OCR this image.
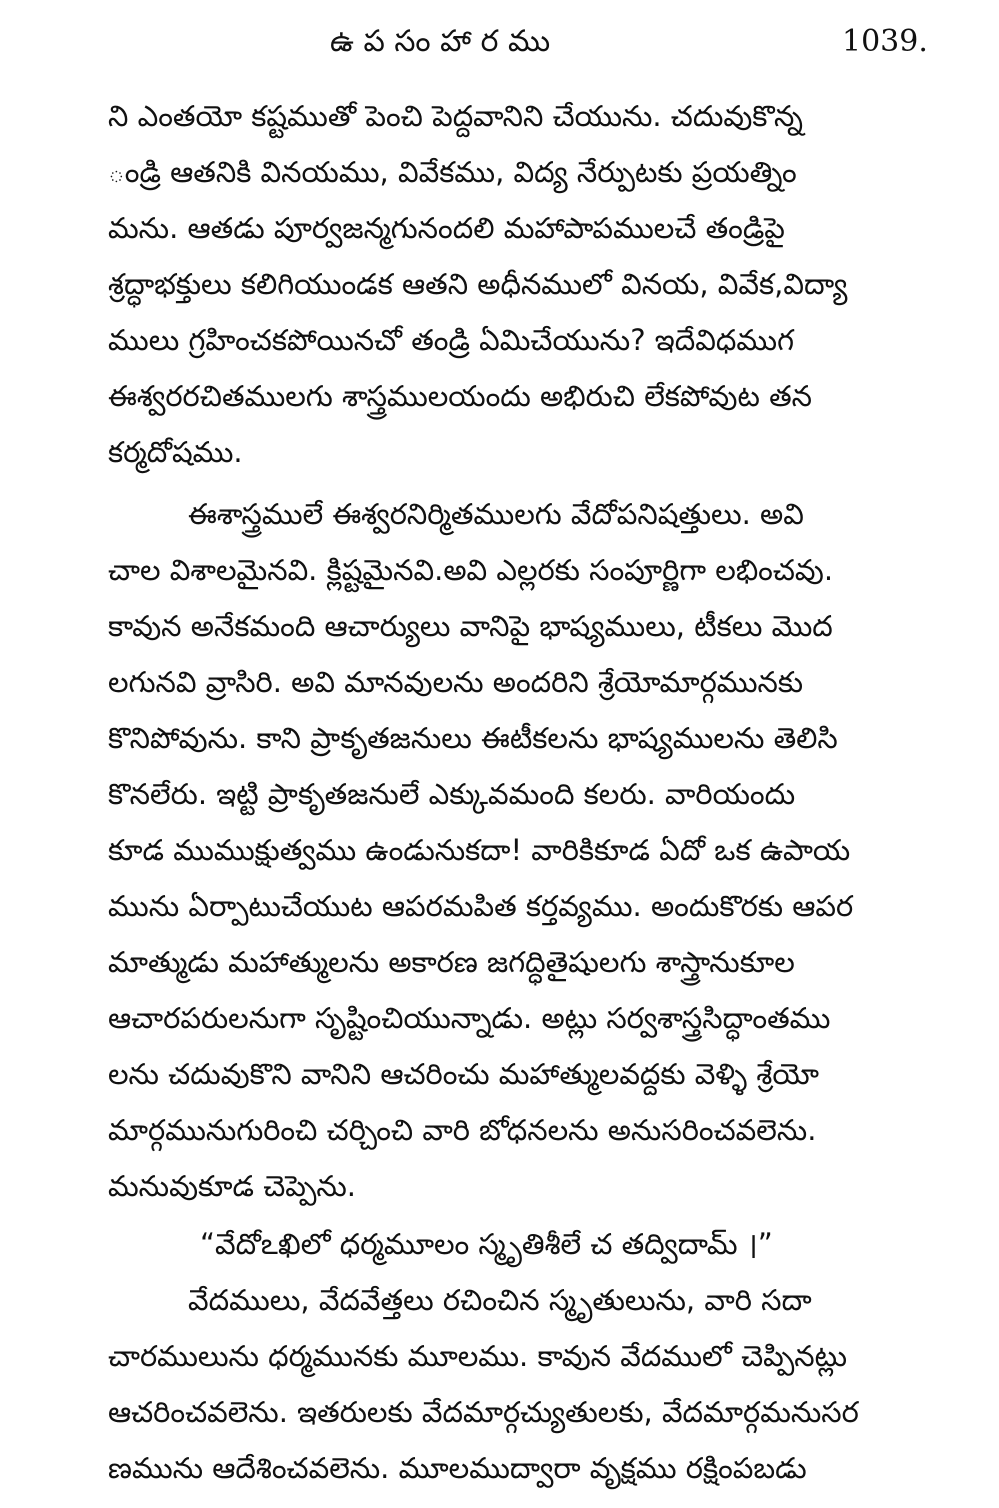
ఉ ప సం హా ర ము	1039.
ని ఎంతయో కష్టముతో పెంచి పెద్దవానిని చేయును. చదువుకొన్న
ండ్రి ఆతనికి వినయము, వివేకము, విద్య నేర్పుటకు ప్రయత్నిం
మను. ఆతడు పూర్వజన్మగునందలి మహాపాపములచే తండ్రిపై
శ్రద్ధాభక్తులు కలిగియుండక ఆతని అధీనములో వినయ, వివేక,విద్యా
ములు గ్రహించకపోయినచో తండ్రి ఏమిచేయును? ఇదేవిధముగ
ఈశ్వరరచితములగు శాస్త్రములయందు అభిరుచి లేకపోవుట తన
కర్మదోషము.
ఈశాస్త్రములే ఈశ్వరనిర్మితములగు వేదోపనిషత్తులు. అవి
చాల విశాలమైనవి. క్లిష్టమైనవి.అవి ఎల్లరకు సంపూర్ణిగా లభించవు.
కావున అనేకమంది ఆచార్యులు వానిపై భాష్యములు, టీకలు మొద
లగునవి వ్రాసిరి. అవి మానవులను అందరిని శ్రేయోమార్గమునకు
కొనిపోవును. కాని ప్రాకృతజనులు ఈటీకలను భాష్యములను తెలిసి
కొనలేరు. ఇట్టి ప్రాకృతజనులే ఎక్కువమంది కలరు. వారియందు
కూడ ముముక్షుత్వము ఉండునుకదా! వారికికూడ ఏదో ఒక ఉపాయ
మును ఏర్పాటుచేయుట ఆపరమపిత కర్తవ్యము. అందుకొరకు ఆపర
మాత్ముడు మహాత్ములను అకారణ జగద్ధితైషులగు శాస్త్రానుకూల
ఆచారపరులనుగా సృష్టించియున్నాడు. అట్లు సర్వశాస్త్రసిద్ధాంతము
లను చదువుకొని వానిని ఆచరించు మహాత్ములవద్దకు వెళ్ళి శ్రేయో
మార్గమునుగురించి చర్చించి వారి బోధనలను అనుసరించవలెను.
మనువుకూడ చెప్పెను.
“వేదోఽఖిలో ధర్మమూలం స్మృతిశీలే చ తద్విదామ్ ।”
వేదములు, వేదవేత్తలు రచించిన స్మృతులును, వారి సదా
చారములును ధర్మమునకు మూలము. కావున వేదములో చెప్పినట్లు
ఆచరించవలెను. ఇతరులకు వేదమార్గచ్యుతులకు, వేదమార్గమనుసర
ణమును ఆదేశించవలెను. మూలముద్వారా వృక్షము రక్షింపబడు
